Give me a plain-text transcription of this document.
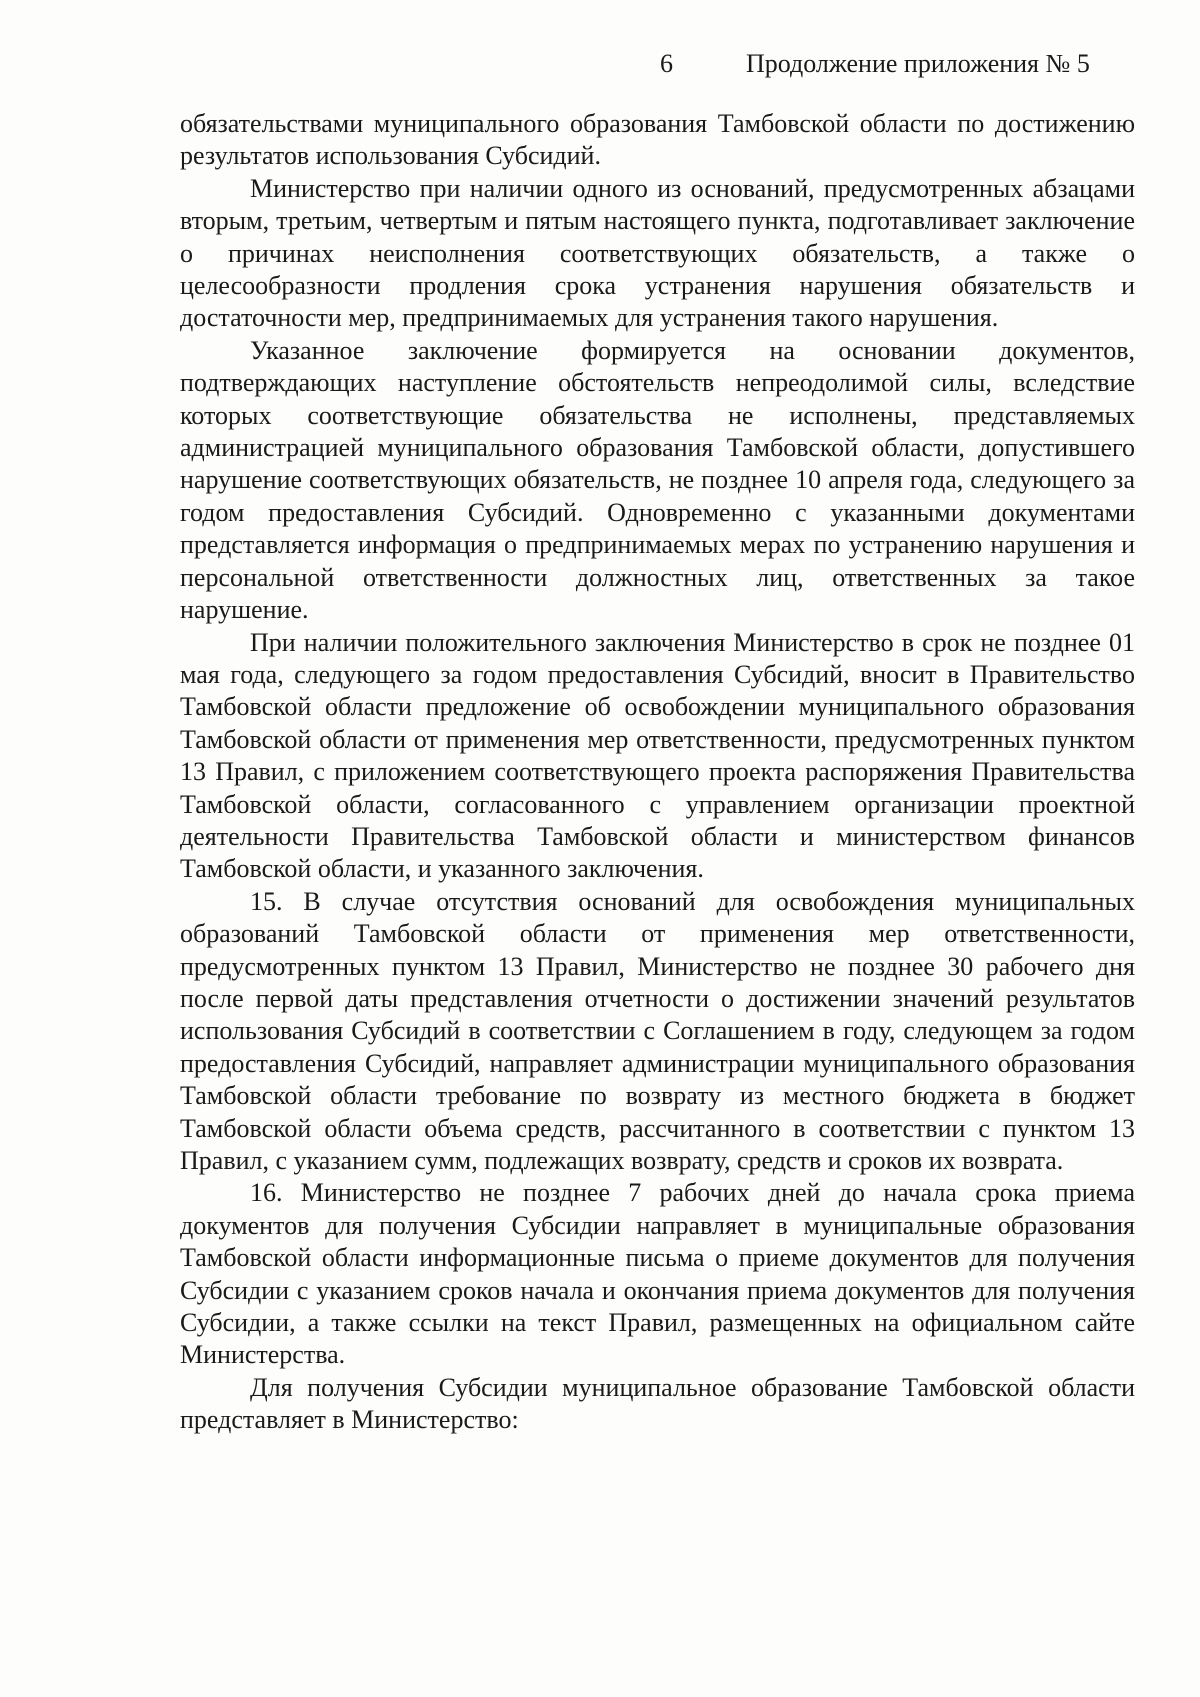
6	Продолжение приложения № 5

обязательствами муниципального образования Тамбовской области по достижению результатов использования Субсидий.

Министерство при наличии одного из оснований, предусмотренных абзацами вторым, третьим, четвертым и пятым настоящего пункта, подготавливает заключение о причинах неисполнения соответствующих обязательств, а также о целесообразности продления срока устранения нарушения обязательств и достаточности мер, предпринимаемых для устранения такого нарушения.

Указанное заключение формируется на основании документов, подтверждающих наступление обстоятельств непреодолимой силы, вследствие которых соответствующие обязательства не исполнены, представляемых администрацией муниципального образования Тамбовской области, допустившего нарушение соответствующих обязательств, не позднее 10 апреля года, следующего за годом предоставления Субсидий. Одновременно с указанными документами представляется информация о предпринимаемых мерах по устранению нарушения и персональной ответственности должностных лиц, ответственных за такое нарушение.

При наличии положительного заключения Министерство в срок не позднее 01 мая года, следующего за годом предоставления Субсидий, вносит в Правительство Тамбовской области предложение об освобождении муниципального образования Тамбовской области от применения мер ответственности, предусмотренных пунктом 13 Правил, с приложением соответствующего проекта распоряжения Правительства Тамбовской области, согласованного с управлением организации проектной деятельности Правительства Тамбовской области и министерством финансов Тамбовской области, и указанного заключения.

15. В случае отсутствия оснований для освобождения муниципальных образований Тамбовской области от применения мер ответственности, предусмотренных пунктом 13 Правил, Министерство не позднее 30 рабочего дня после первой даты представления отчетности о достижении значений результатов использования Субсидий в соответствии с Соглашением в году, следующем за годом предоставления Субсидий, направляет администрации муниципального образования Тамбовской области требование по возврату из местного бюджета в бюджет Тамбовской области объема средств, рассчитанного в соответствии с пунктом 13 Правил, с указанием сумм, подлежащих возврату, средств и сроков их возврата.

16. Министерство не позднее 7 рабочих дней до начала срока приема документов для получения Субсидии направляет в муниципальные образования Тамбовской области информационные письма о приеме документов для получения Субсидии с указанием сроков начала и окончания приема документов для получения Субсидии, а также ссылки на текст Правил, размещенных на официальном сайте Министерства.

Для получения Субсидии муниципальное образование Тамбовской области представляет в Министерство:
